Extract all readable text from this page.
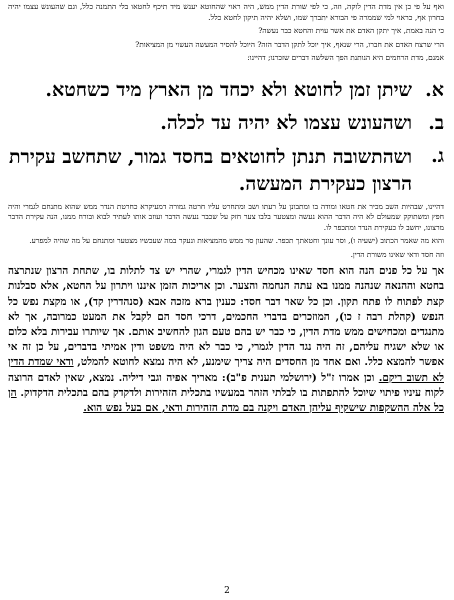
ואף על פי כן אין מדת הדין לוקה, וזה, כי לפי שורת הדין ממש, היה ראוי שהחוטא יענש מיד תיכף לחטאו בלי התמנה כלל, וגם שהעונש עצמו יהיה בחרון אף, כראוי למי שממרה פי הבורא יתברך שמו, ושלא יהיה תיקון לחטא כלל.

כי הנה באמת, איך יתקן האדם את אשר עוית והחטא כבר נעשה?

הרי שרצח האדם את חברו, הרי שנאף, איך יוכל לתקן הדבר הזה? היוכל להסיר המעשה העשוי מן המציאות?

אמנם, מדת הרחמים היא הנותנת הפך השלשה דברים שזכרנו; דהיינו:

א.
שיתן זמן לחוטא ולא יכחד מן הארץ מיד כשחטא.
ב.
ושהעונש עצמו לא יהיה עד לכלה.
ג.
ושהתשובה תנתן לחוטאים בחסד גמור, שתחשב עקירת הרצון כעקירת המעשה.

דהיינו, שבהיות השב מכיר את חטאו ומודה בו ומתבונן על רעתו ושב ומתחרט עליו חרטה גמורה דמעיקרא כחרטת הנדר ממש שהוא מתנחם לגמרי והיה חפץ ומשתוקק שמעולם לא היה הדבר ההוא נעשה ומצטער בלבו צער חזק על שכבר נעשה הדבר ועוזב אותו לעתיד לבוא ובורח ממנו, הנה עקירת הדבר מרצונו, יחשב לו כעקירת הנדר ומתכפר לו.

והוא מה שאמר הכתוב (ישעיה ו), וסר עונך וחטאתך תכפר. שהעון סר ממש מהמציאות ונעקר במה שעכשיו מצטער ומתנחם על מה שהיה למפרע.

וזה חסד ודאי שאינו משורת הדין.

אך על כל פנים הנה הוא חסד שאינו מכחיש הדין לגמרי, שהרי יש צד לתלות בו, שתחת הרצון שנתרצה בחטא וההנאה שנהנה ממנו בא עתה הנחמה והצער. וכן אריכות הזמן איננו ויתרון על החטא, אלא סבלנות קצת לפתוח לו פתח תקון. וכן כל שאר דבר חסד: כענין ברא מזכה אבא (סנהדרין קד), או מקצת נפש כל הנפש (קהלת רבה ז כו), המוזכרים בדברי החכמים, דרכי חסד הם לקבל את המעט כמרובה, אך לא מתנגדים ומכחישים ממש מדת הדין, כי כבר יש בהם טעם הגון להחשיב אותם. אך שיותרו עבירות בלא כלום או שלא ישגיח עליהם, זה היה נגד הדין לגמרי, כי כבר לא היה משפט ודין אמיתי בדברים, על כן זה אי אפשר להמצא כלל. ואם אחד מן החסדים היה צריך שימנע, לא היה נמצא לחוטא להמלט, ודאי שמדת הדין לא תשוב ריקם. וכן אמרו ז"ל (ירושלמי תענית פ"ב): מאריך אפיה וגבי דיליה. נמצא, שאין לאדם הרוצה לקוח עיניו פיתוי שיוכל להתפתות בו לבלתי הזהר במעשיו בתכלית הזהירות ולדקדק בהם בתכלית הדקדוק. הן כל אלה ההשקפות שישקיף עליהן האדם ויקנה בם מדת הזהירות ודאי, אם בעל נפש הוא.

2
